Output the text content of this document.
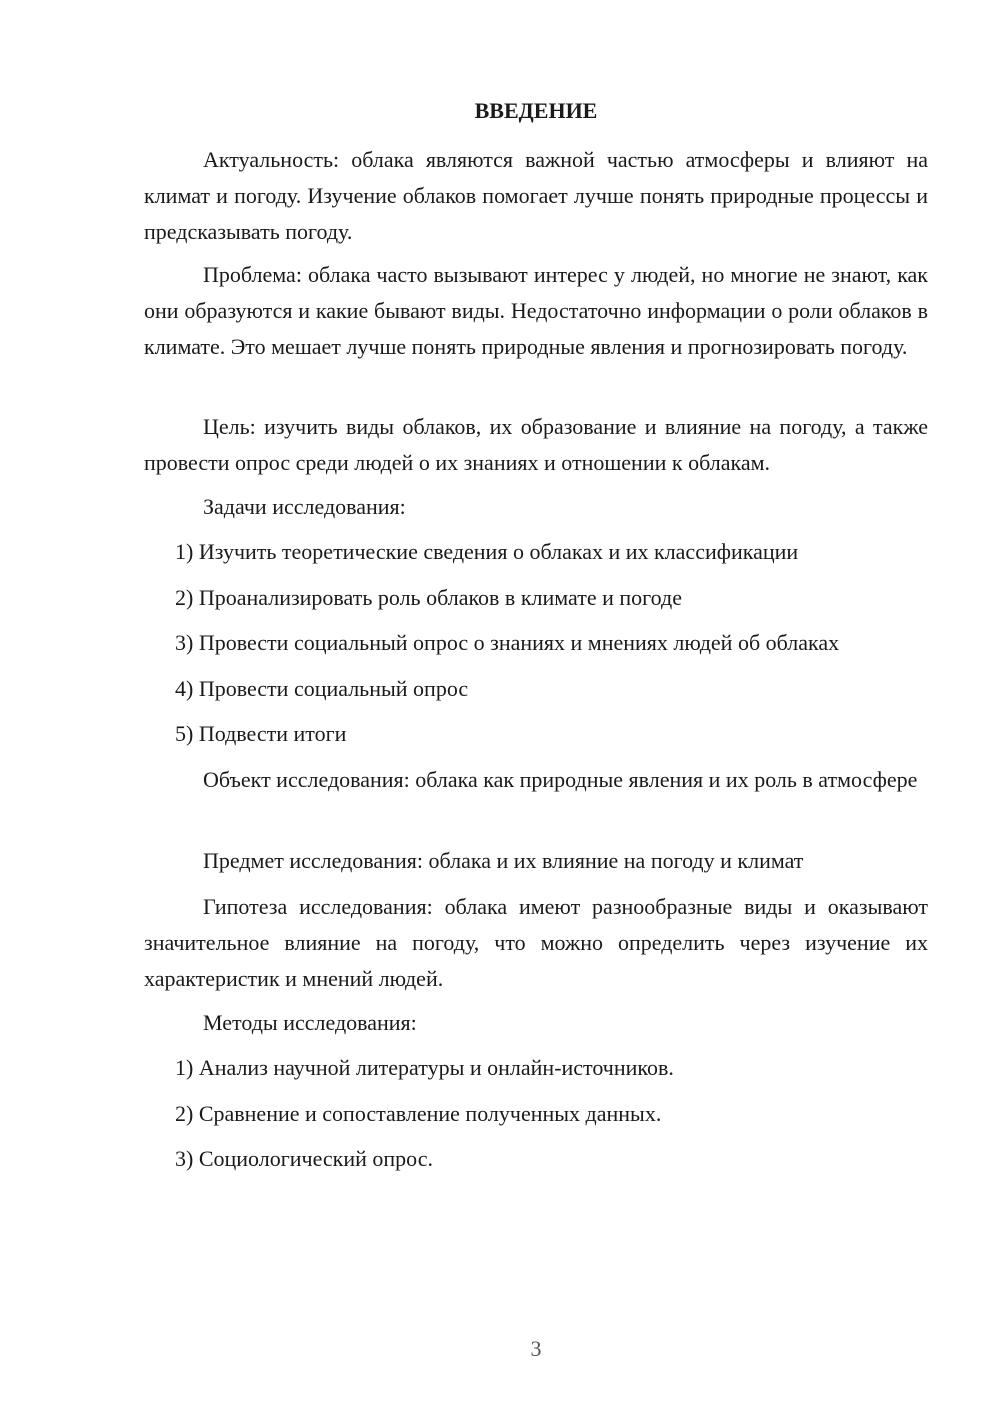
ВВЕДЕНИЕ
Актуальность: облака являются важной частью атмосферы и влияют на климат и погоду. Изучение облаков помогает лучше понять природные процессы и предсказывать погоду.
Проблема: облака часто вызывают интерес у людей, но многие не знают, как они образуются и какие бывают виды. Недостаточно информации о роли облаков в климате. Это мешает лучше понять природные явления и прогнозировать погоду.
Цель: изучить виды облаков, их образование и влияние на погоду, а также провести опрос среди людей о их знаниях и отношении к облакам.
Задачи исследования:
1) Изучить теоретические сведения о облаках и их классификации
2) Проанализировать роль облаков в климате и погоде
3) Провести социальный опрос о знаниях и мнениях людей об облаках
4) Провести социальный опрос
5) Подвести итоги
Объект исследования: облака как природные явления и их роль в атмосфере
Предмет исследования: облака и их влияние на погоду и климат
Гипотеза исследования: облака имеют разнообразные виды и оказывают значительное влияние на погоду, что можно определить через изучение их характеристик и мнений людей.
Методы исследования:
1) Анализ научной литературы и онлайн-источников.
2) Сравнение и сопоставление полученных данных.
3) Социологический опрос.
3
